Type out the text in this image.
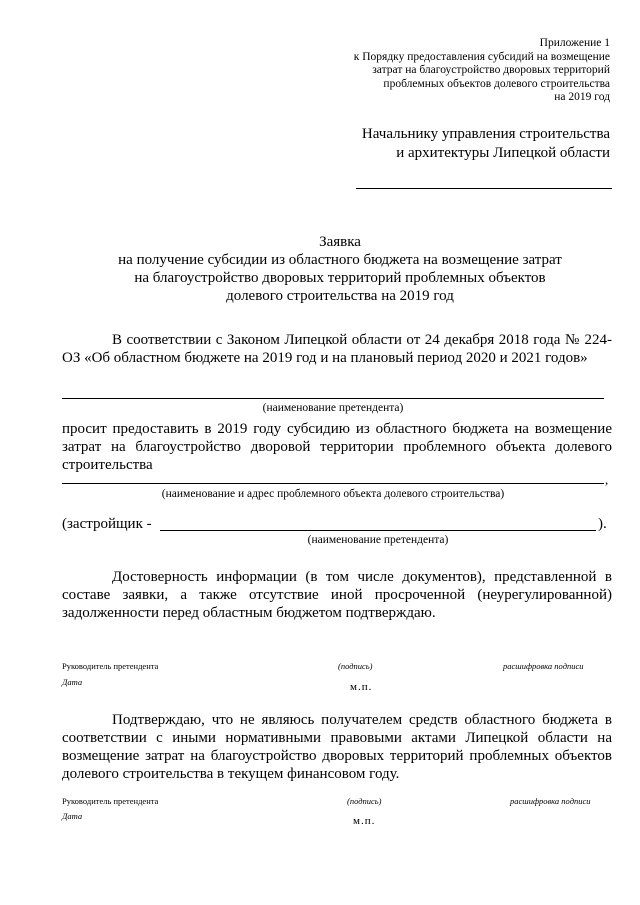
Приложение 1
к Порядку предоставления субсидий на возмещение
затрат на благоустройство дворовых территорий
проблемных объектов долевого строительства
на 2019 год
Начальнику управления строительства
и архитектуры Липецкой области
Заявка
на получение субсидии из областного бюджета на возмещение затрат
на благоустройство дворовых территорий проблемных объектов
долевого строительства на 2019 год
В соответствии с Законом Липецкой области от 24 декабря 2018 года № 224-ОЗ «Об областном бюджете на 2019 год и на плановый период 2020 и 2021 годов»
(наименование претендента)
просит предоставить в 2019 году субсидию из областного бюджета на возмещение затрат на благоустройство дворовой территории проблемного объекта долевого строительства
,
(наименование и адрес проблемного объекта долевого строительства)
(застройщик -	).
(наименование претендента)
Достоверность информации (в том числе документов), представленной в составе заявки, а также отсутствие иной просроченной (неурегулированной) задолженности перед областным бюджетом подтверждаю.
Руководитель претендента	(подпись)	расшифровка подписи
Дата	м.п.
Подтверждаю, что не являюсь получателем средств областного бюджета в соответствии с иными нормативными правовыми актами Липецкой области на возмещение затрат на благоустройство дворовых территорий проблемных объектов долевого строительства в текущем финансовом году.
Руководитель претендента	(подпись)	расшифровка подписи
Дата	м.п.
